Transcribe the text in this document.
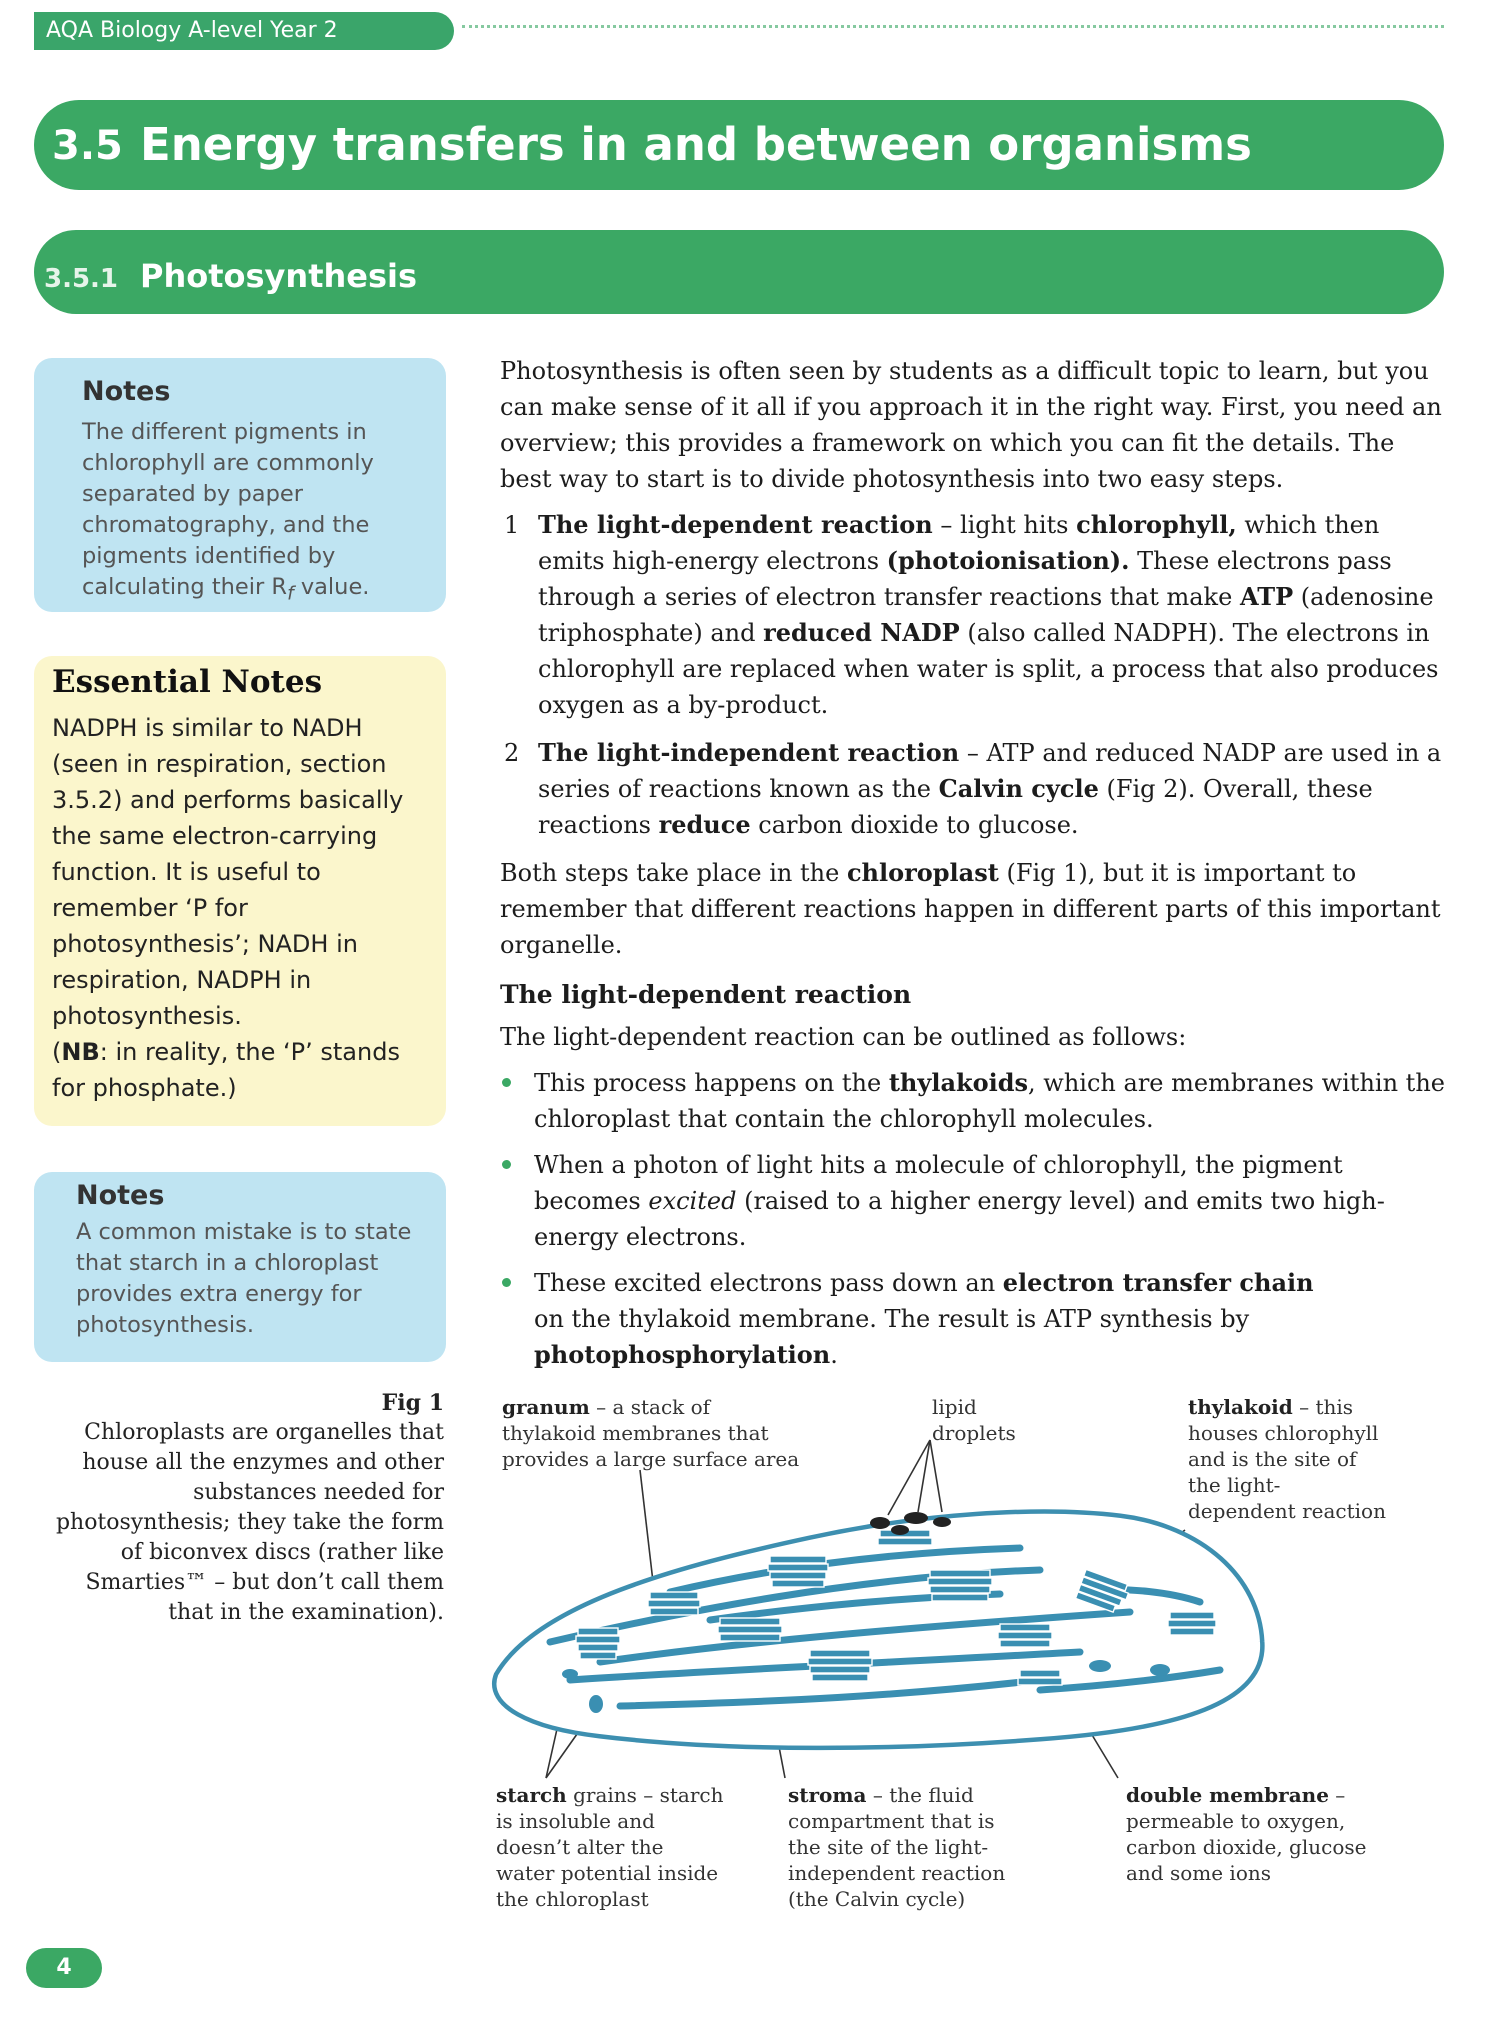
AQA Biology A-level Year 2
3.5 Energy transfers in and between organisms
3.5.1 Photosynthesis
Notes
The different pigments in chlorophyll are commonly separated by paper chromatography, and the pigments identified by calculating their $R_f$ value.
Essential Notes
NADPH is similar to NADH (seen in respiration, section 3.5.2) and performs basically the same electron-carrying function. It is useful to remember ‘P for photosynthesis’; NADH in respiration, NADPH in photosynthesis.
(NB: in reality, the ‘P’ stands for phosphate.)
Notes
A common mistake is to state that starch in a chloroplast provides extra energy for photosynthesis.

Photosynthesis is often seen by students as a difficult topic to learn, but you can make sense of it all if you approach it in the right way. First, you need an overview; this provides a framework on which you can fit the details. The best way to start is to divide photosynthesis into two easy steps.

1 The light-dependent reaction – light hits chlorophyll, which then emits high-energy electrons (photoionisation). These electrons pass through a series of electron transfer reactions that make ATP (adenosine triphosphate) and reduced NADP (also called NADPH). The electrons in chlorophyll are replaced when water is split, a process that also produces oxygen as a by-product.
2 The light-independent reaction – ATP and reduced NADP are used in a series of reactions known as the Calvin cycle (Fig 2). Overall, these reactions reduce carbon dioxide to glucose.

Both steps take place in the chloroplast (Fig 1), but it is important to remember that different reactions happen in different parts of this important organelle.

The light-dependent reaction

The light-dependent reaction can be outlined as follows:

This process happens on the thylakoids, which are membranes within the chloroplast that contain the chlorophyll molecules.
When a photon of light hits a molecule of chlorophyll, the pigment becomes excited (raised to a higher energy level) and emits two high-energy electrons.
These excited electrons pass down an electron transfer chain on the thylakoid membrane. The result is ATP synthesis by photophosphorylation.
Fig 1
Chloroplasts are organelles that house all the enzymes and other substances needed for photosynthesis; they take the form of biconvex discs (rather like Smarties™ – but don’t call them that in the examination).
granum – a stack of thylakoid membranes that provides a large surface area
lipid droplets
thylakoid – this houses chlorophyll and is the site of the light-dependent reaction
starch grains – starch is insoluble and doesn’t alter the water potential inside the chloroplast
stroma – the fluid compartment that is the site of the light-independent reaction (the Calvin cycle)
double membrane – permeable to oxygen, carbon dioxide, glucose and some ions
4
